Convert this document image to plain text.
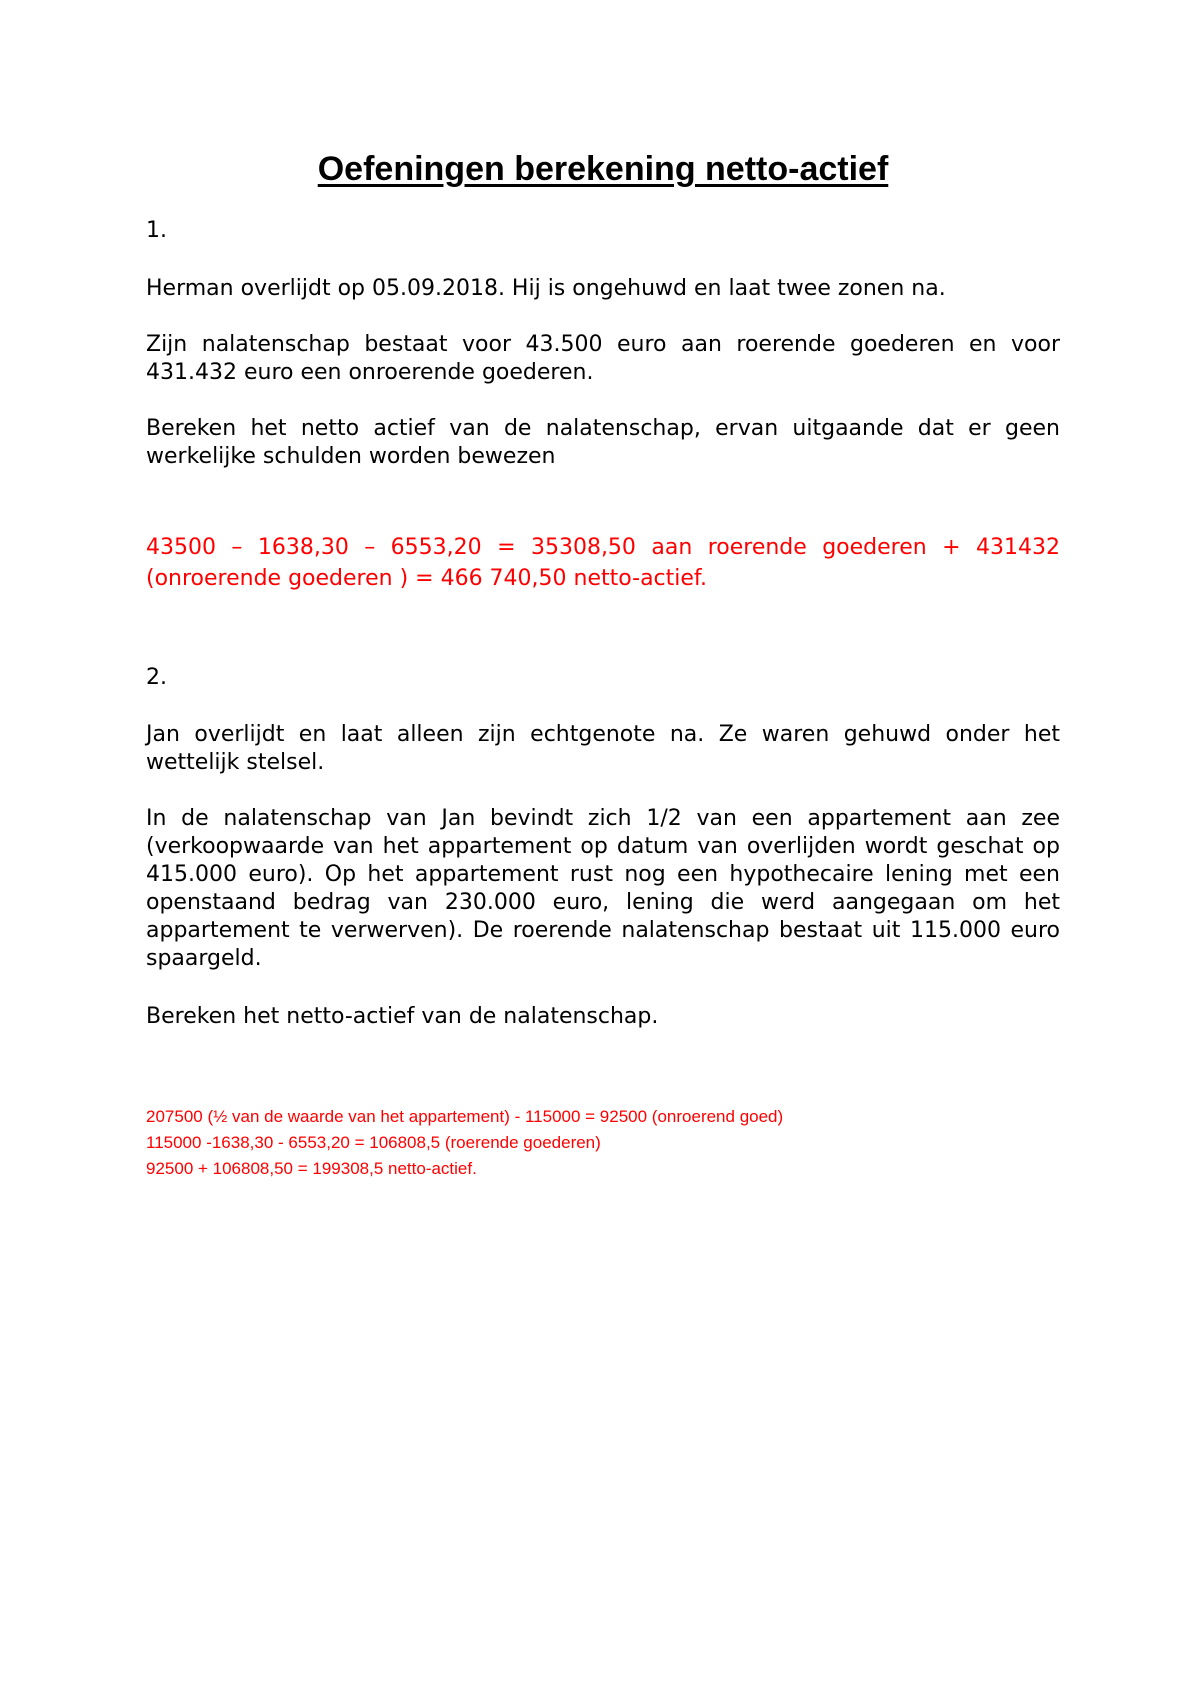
Oefeningen berekening netto-actief

1.

Herman overlijdt op 05.09.2018. Hij is ongehuwd en laat twee zonen na.

Zijn nalatenschap bestaat voor 43.500 euro aan roerende goederen en voor 431.432 euro een onroerende goederen.

Bereken het netto actief van de nalatenschap, ervan uitgaande dat er geen werkelijke schulden worden bewezen

43500 – 1638,30 – 6553,20 = 35308,50 aan roerende goederen + 431432 (onroerende goederen ) = 466 740,50 netto-actief.

2.

Jan overlijdt en laat alleen zijn echtgenote na. Ze waren gehuwd onder het wettelijk stelsel.

In de nalatenschap van Jan bevindt zich 1/2 van een appartement aan zee (verkoopwaarde van het appartement op datum van overlijden wordt geschat op 415.000 euro). Op het appartement rust nog een hypothecaire lening met een openstaand bedrag van 230.000 euro, lening die werd aangegaan om het appartement te verwerven). De roerende nalatenschap bestaat uit 115.000 euro spaargeld.

Bereken het netto-actief van de nalatenschap.

207500 (½ van de waarde van het appartement) - 115000 = 92500 (onroerend goed)
115000 -1638,30 - 6553,20 = 106808,5 (roerende goederen)
92500 + 106808,50 = 199308,5 netto-actief.
